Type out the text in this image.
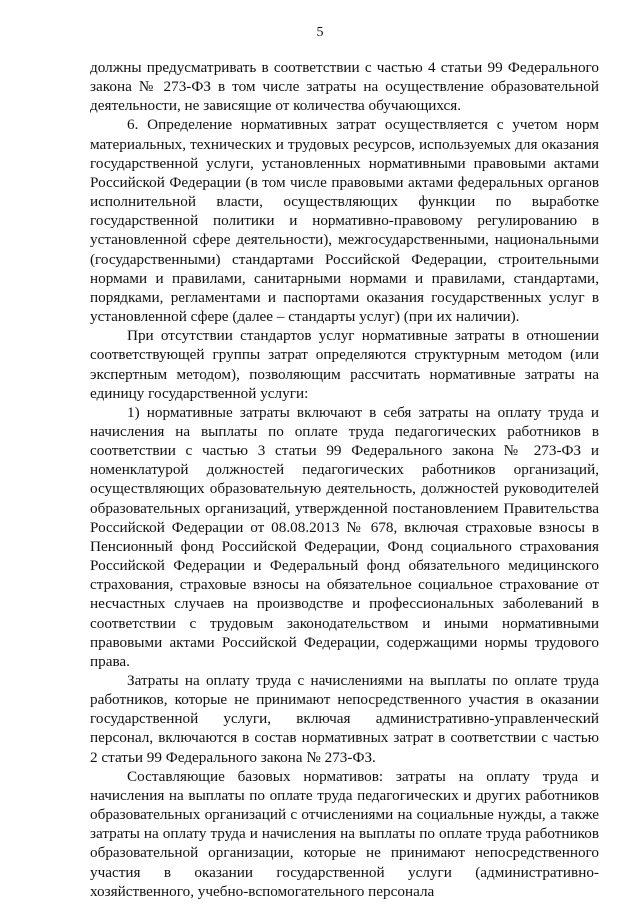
5

должны предусматривать в соответствии с частью 4 статьи 99 Федерального закона № 273-ФЗ в том числе затраты на осуществление образовательной деятельности, не зависящие от количества обучающихся.

6. Определение нормативных затрат осуществляется с учетом норм материальных, технических и трудовых ресурсов, используемых для оказания государственной услуги, установленных нормативными правовыми актами Российской Федерации (в том числе правовыми актами федеральных органов исполнительной власти, осуществляющих функции по выработке государственной политики и нормативно-правовому регулированию в установленной сфере деятельности), межгосударственными, национальными (государственными) стандартами Российской Федерации, строительными нормами и правилами, санитарными нормами и правилами, стандартами, порядками, регламентами и паспортами оказания государственных услуг в установленной сфере (далее – стандарты услуг) (при их наличии).

При отсутствии стандартов услуг нормативные затраты в отношении соответствующей группы затрат определяются структурным методом (или экспертным методом), позволяющим рассчитать нормативные затраты на единицу государственной услуги:

1) нормативные затраты включают в себя затраты на оплату труда и начисления на выплаты по оплате труда педагогических работников в соответствии с частью 3 статьи 99 Федерального закона № 273-ФЗ и номенклатурой должностей педагогических работников организаций, осуществляющих образовательную деятельность, должностей руководителей образовательных организаций, утвержденной постановлением Правительства Российской Федерации от 08.08.2013 № 678, включая страховые взносы в Пенсионный фонд Российской Федерации, Фонд социального страхования Российской Федерации и Федеральный фонд обязательного медицинского страхования, страховые взносы на обязательное социальное страхование от несчастных случаев на производстве и профессиональных заболеваний в соответствии с трудовым законодательством и иными нормативными правовыми актами Российской Федерации, содержащими нормы трудового права.

Затраты на оплату труда с начислениями на выплаты по оплате труда работников, которые не принимают непосредственного участия в оказании государственной услуги, включая административно-управленческий персонал, включаются в состав нормативных затрат в соответствии с частью 2 статьи 99 Федерального закона № 273-ФЗ.

Составляющие базовых нормативов: затраты на оплату труда и начисления на выплаты по оплате труда педагогических и других работников образовательных организаций с отчислениями на социальные нужды, а также затраты на оплату труда и начисления на выплаты по оплате труда работников образовательной организации, которые не принимают непосредственного участия в оказании государственной услуги (административно-хозяйственного, учебно-вспомогательного персонала
